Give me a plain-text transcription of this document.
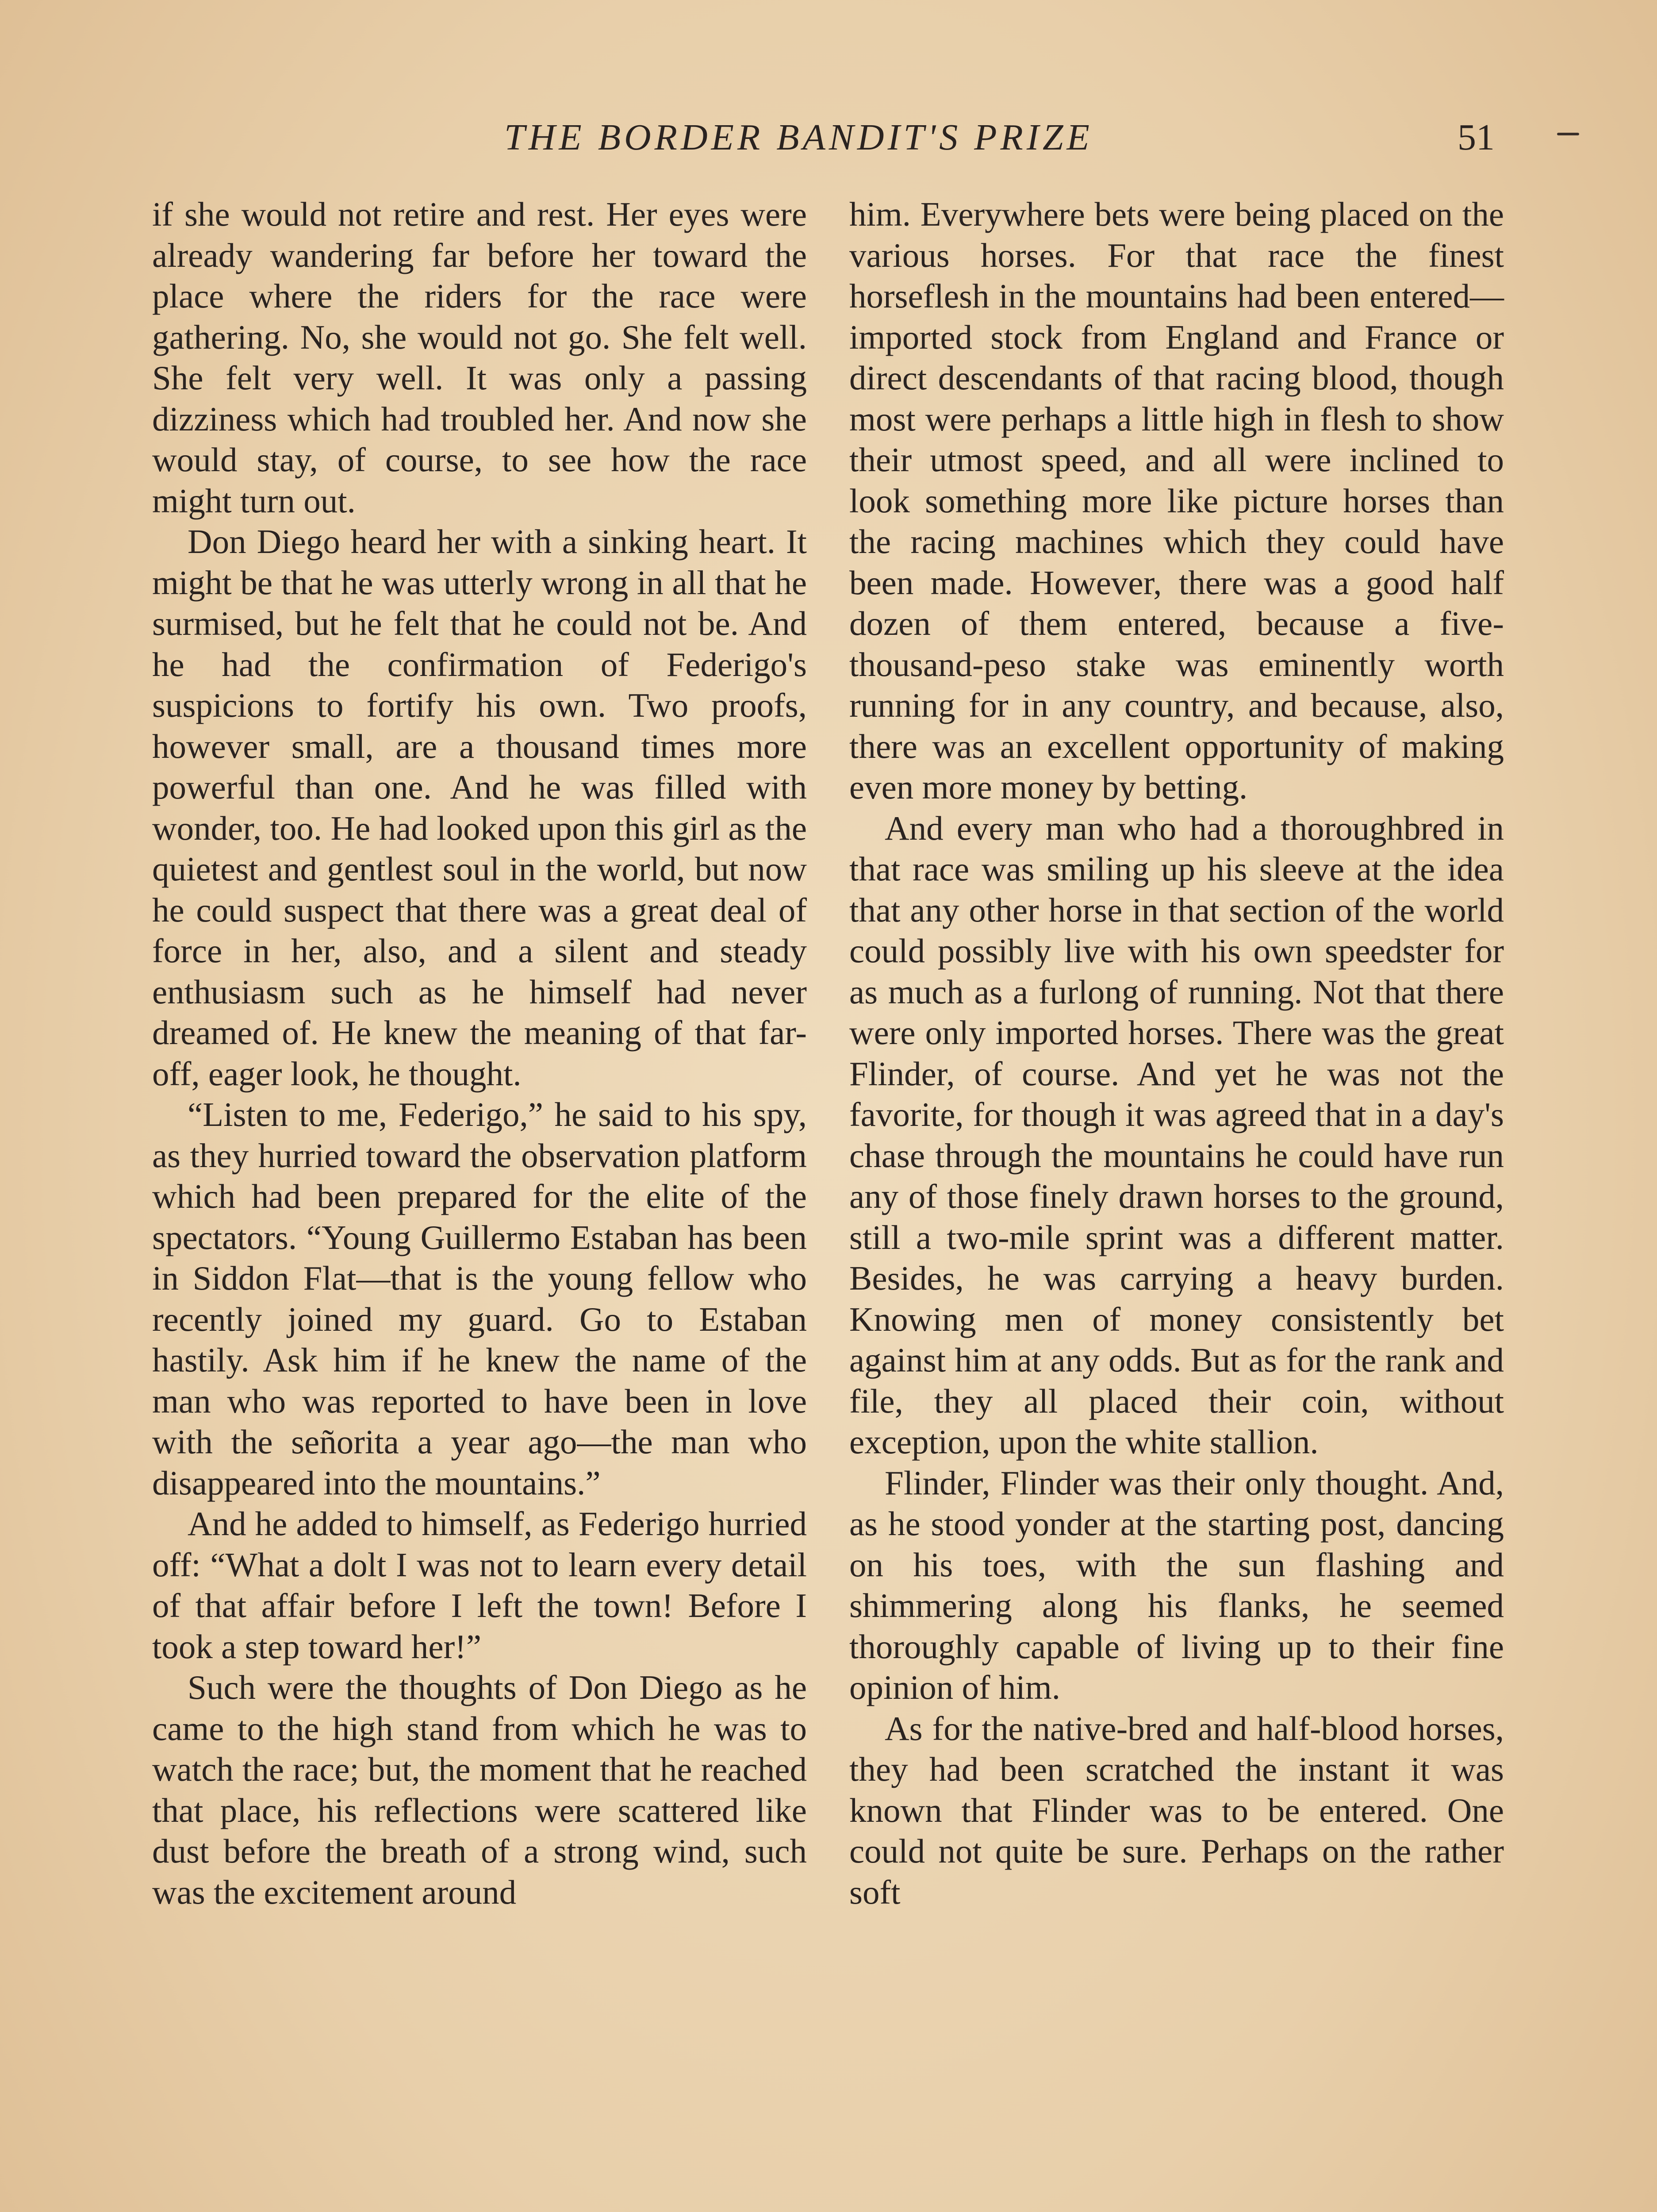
THE BORDER BANDIT'S PRIZE	51

if she would not retire and rest. Her eyes were already wandering far before her toward the place where the riders for the race were gathering. No, she would not go. She felt well. She felt very well. It was only a passing dizziness which had troubled her. And now she would stay, of course, to see how the race might turn out.

Don Diego heard her with a sinking heart. It might be that he was utterly wrong in all that he surmised, but he felt that he could not be. And he had the confirmation of Federigo's suspicions to fortify his own. Two proofs, however small, are a thousand times more powerful than one. And he was filled with wonder, too. He had looked upon this girl as the quietest and gentlest soul in the world, but now he could suspect that there was a great deal of force in her, also, and a silent and steady enthusiasm such as he himself had never dreamed of. He knew the meaning of that far-off, eager look, he thought.

“Listen to me, Federigo,” he said to his spy, as they hurried toward the observation platform which had been prepared for the elite of the spectators. “Young Guillermo Estaban has been in Siddon Flat—that is the young fellow who recently joined my guard. Go to Estaban hastily. Ask him if he knew the name of the man who was reported to have been in love with the señorita a year ago—the man who disappeared into the mountains.”

And he added to himself, as Federigo hurried off: “What a dolt I was not to learn every detail of that affair before I left the town! Before I took a step toward her!”

Such were the thoughts of Don Diego as he came to the high stand from which he was to watch the race; but, the moment that he reached that place, his reflections were scattered like dust before the breath of a strong wind, such was the excitement around

him. Everywhere bets were being placed on the various horses. For that race the finest horseflesh in the mountains had been entered—imported stock from England and France or direct descendants of that racing blood, though most were perhaps a little high in flesh to show their utmost speed, and all were inclined to look something more like picture horses than the racing machines which they could have been made. However, there was a good half dozen of them entered, because a five-thousand-peso stake was eminently worth running for in any country, and because, also, there was an excellent opportunity of making even more money by betting.

And every man who had a thoroughbred in that race was smiling up his sleeve at the idea that any other horse in that section of the world could possibly live with his own speedster for as much as a furlong of running. Not that there were only imported horses. There was the great Flinder, of course. And yet he was not the favorite, for though it was agreed that in a day's chase through the mountains he could have run any of those finely drawn horses to the ground, still a two-mile sprint was a different matter. Besides, he was carrying a heavy burden. Knowing men of money consistently bet against him at any odds. But as for the rank and file, they all placed their coin, without exception, upon the white stallion.

Flinder, Flinder was their only thought. And, as he stood yonder at the starting post, dancing on his toes, with the sun flashing and shimmering along his flanks, he seemed thoroughly capable of living up to their fine opinion of him.

As for the native-bred and half-blood horses, they had been scratched the instant it was known that Flinder was to be entered. One could not quite be sure. Perhaps on the rather soft
